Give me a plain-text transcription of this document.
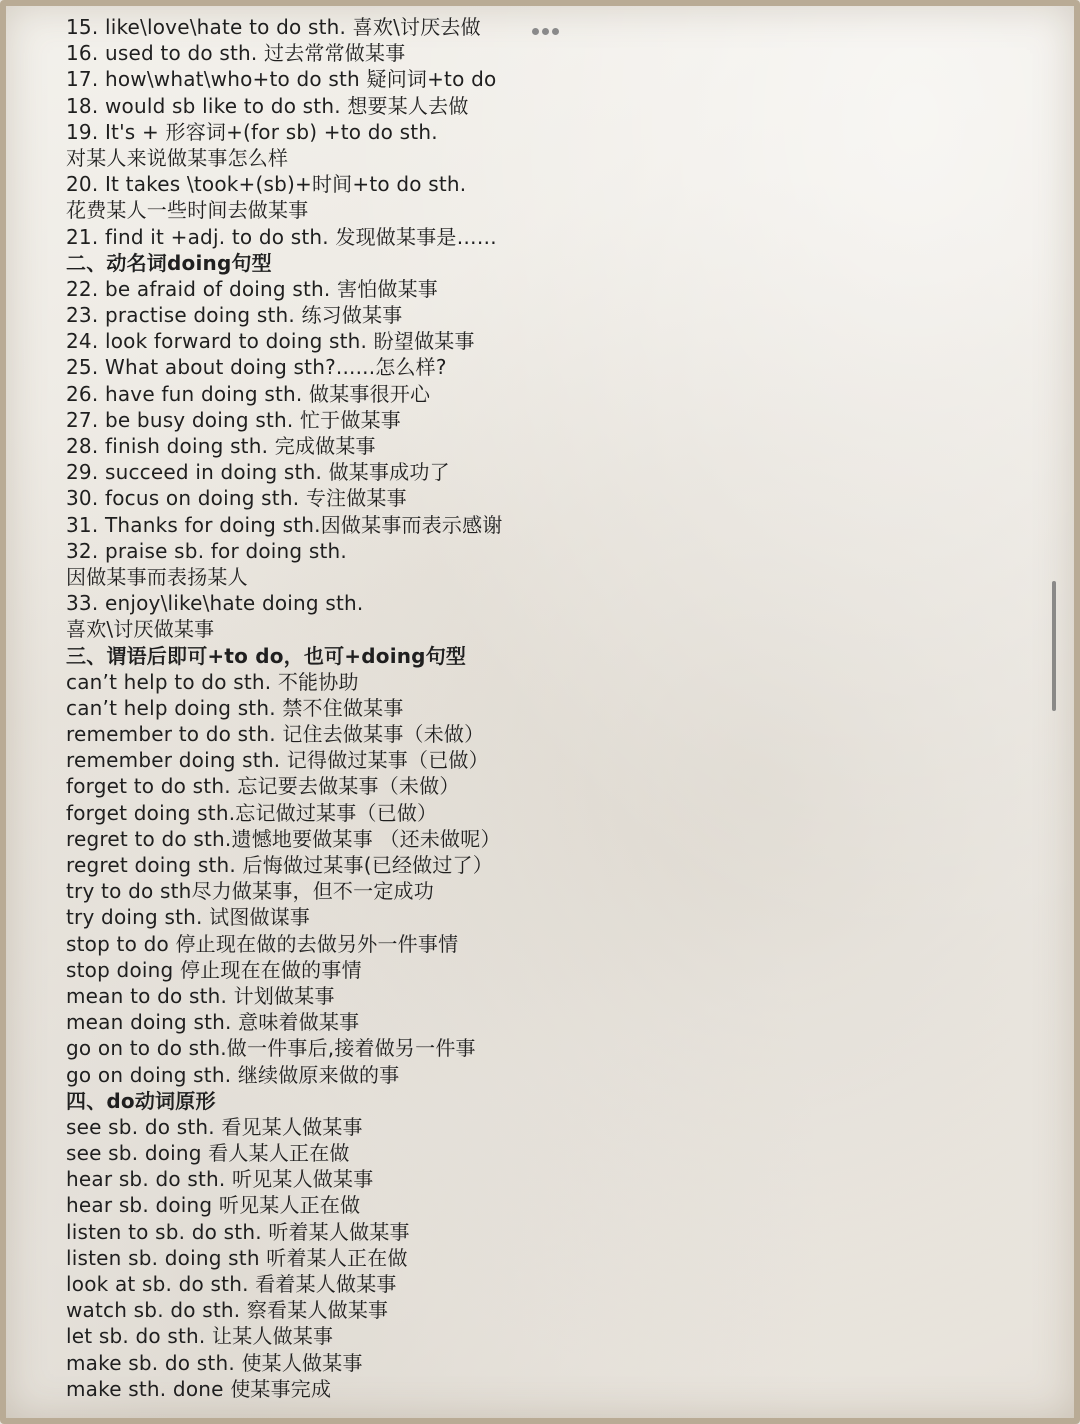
15. like\love\hate to do sth. 喜欢\讨厌去做
16. used to do sth. 过去常常做某事
17. how\what\who+to do sth 疑问词+to do
18. would sb like to do sth. 想要某人去做
19. It's + 形容词+(for sb) +to do sth.
对某人来说做某事怎么样
20. It takes \took+(sb)+时间+to do sth.
花费某人一些时间去做某事
21. find it +adj. to do sth. 发现做某事是……
二、动名词doing句型
22. be afraid of doing sth. 害怕做某事
23. practise doing sth. 练习做某事
24. look forward to doing sth. 盼望做某事
25. What about doing sth?......怎么样?
26. have fun doing sth. 做某事很开心
27. be busy doing sth. 忙于做某事
28. finish doing sth. 完成做某事
29. succeed in doing sth. 做某事成功了
30. focus on doing sth. 专注做某事
31. Thanks for doing sth.因做某事而表示感谢
32. praise sb. for doing sth.
因做某事而表扬某人
33. enjoy\like\hate doing sth.
喜欢\讨厌做某事
三、谓语后即可+to do，也可+doing句型
can’t help to do sth. 不能协助
can’t help doing sth. 禁不住做某事
remember to do sth. 记住去做某事（未做）
remember doing sth. 记得做过某事（已做）
forget to do sth. 忘记要去做某事（未做）
forget doing sth.忘记做过某事（已做）
regret to do sth.遗憾地要做某事 （还未做呢）
regret doing sth. 后悔做过某事(已经做过了）
try to do sth尽力做某事，但不一定成功
try doing sth. 试图做谋事
stop to do 停止现在做的去做另外一件事情
stop doing 停止现在在做的事情
mean to do sth. 计划做某事
mean doing sth. 意味着做某事
go on to do sth.做一件事后,接着做另一件事
go on doing sth. 继续做原来做的事
四、do动词原形
see sb. do sth. 看见某人做某事
see sb. doing 看人某人正在做
hear sb. do sth. 听见某人做某事
hear sb. doing 听见某人正在做
listen to sb. do sth. 听着某人做某事
listen sb. doing sth 听着某人正在做
look at sb. do sth. 看着某人做某事
watch sb. do sth. 察看某人做某事
let sb. do sth. 让某人做某事
make sb. do sth. 使某人做某事
make sth. done 使某事完成
